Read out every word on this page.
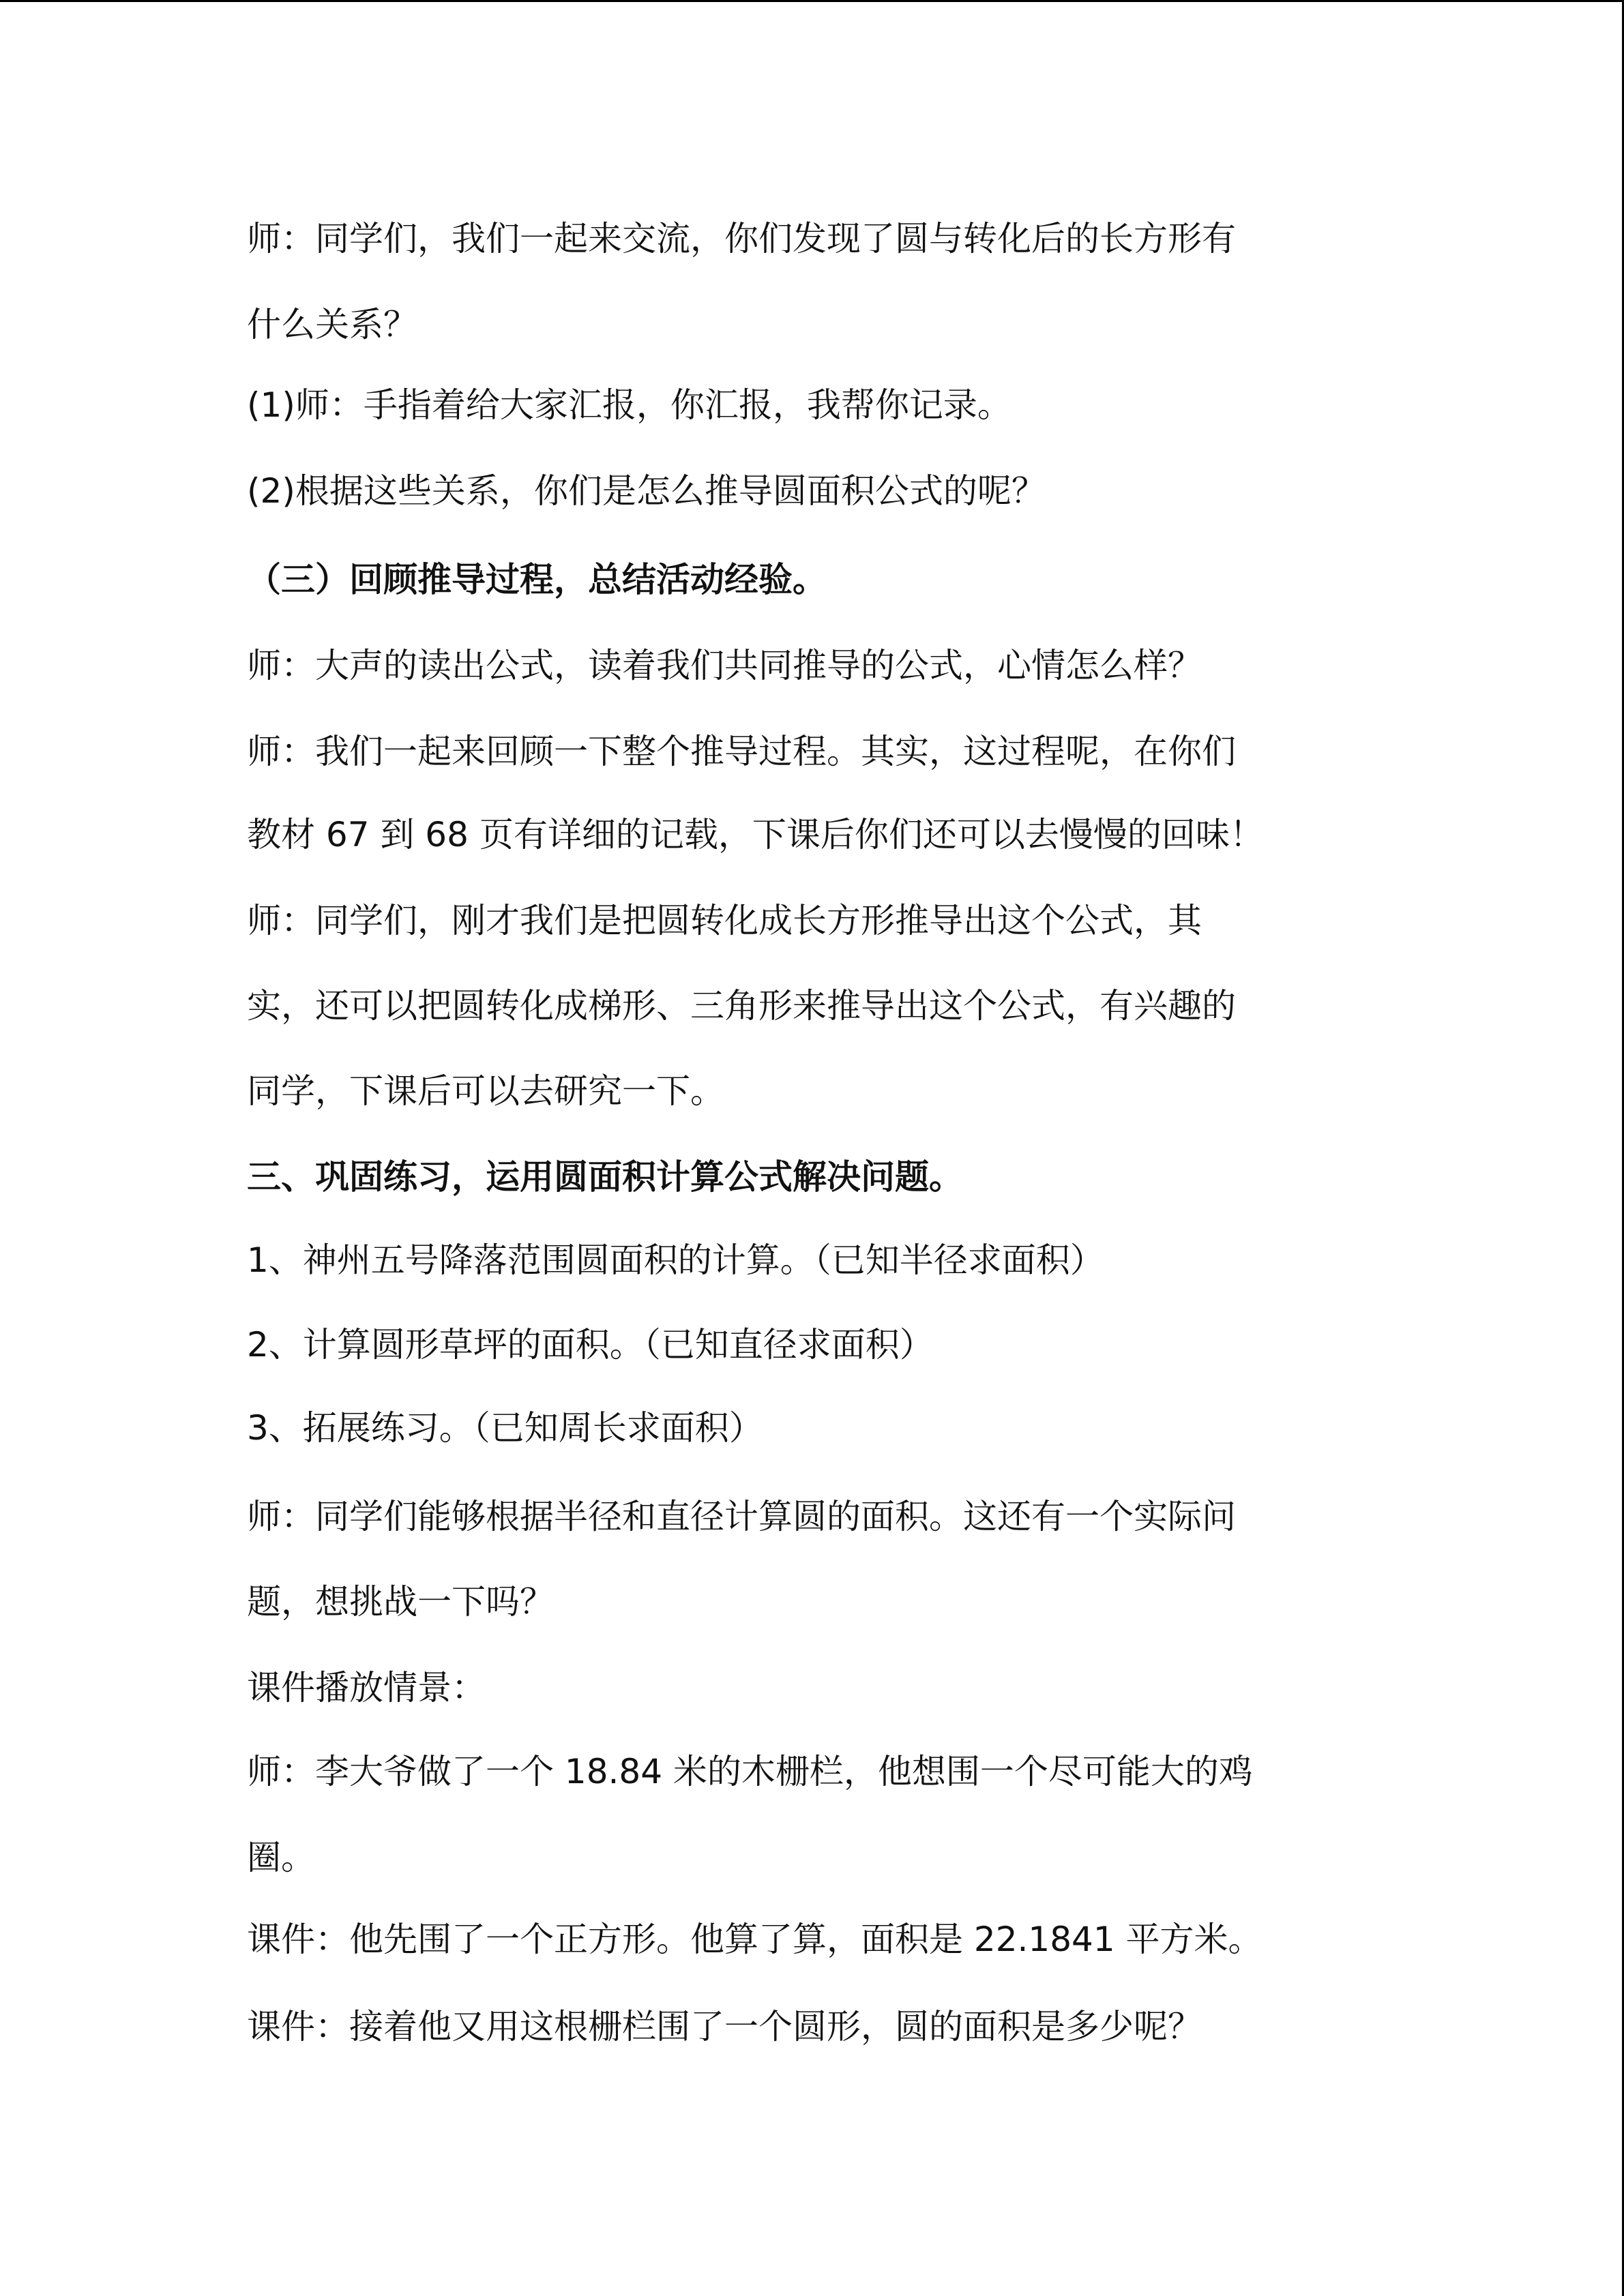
师：同学们，我们一起来交流，你们发现了圆与转化后的长方形有
什么关系？
(1)师：手指着给大家汇报，你汇报，我帮你记录。
(2)根据这些关系，你们是怎么推导圆面积公式的呢？
（三）回顾推导过程，总结活动经验。
师：大声的读出公式，读着我们共同推导的公式，心情怎么样？
师：我们一起来回顾一下整个推导过程。其实，这过程呢，在你们
教材 67 到 68 页有详细的记载，下课后你们还可以去慢慢的回味！
师：同学们，刚才我们是把圆转化成长方形推导出这个公式，其
实，还可以把圆转化成梯形、三角形来推导出这个公式，有兴趣的
同学，下课后可以去研究一下。
三、巩固练习，运用圆面积计算公式解决问题。
1、神州五号降落范围圆面积的计算。（已知半径求面积）
2、计算圆形草坪的面积。（已知直径求面积）
3、拓展练习。（已知周长求面积）
师：同学们能够根据半径和直径计算圆的面积。这还有一个实际问
题，想挑战一下吗？
课件播放情景：
师：李大爷做了一个 18.84 米的木栅栏，他想围一个尽可能大的鸡
圈。
课件：他先围了一个正方形。他算了算，面积是 22.1841 平方米。
课件：接着他又用这根栅栏围了一个圆形，圆的面积是多少呢？
